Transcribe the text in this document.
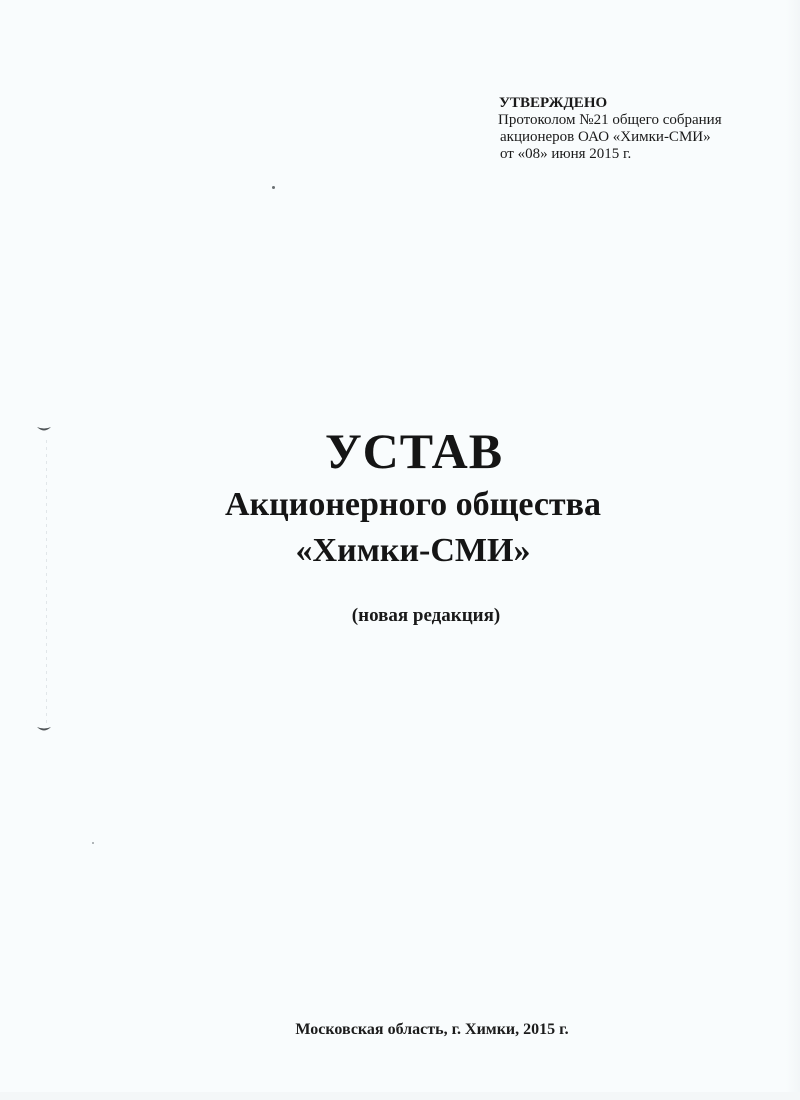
УТВЕРЖДЕНО
Протоколом №21 общего собрания
акционеров ОАО «Химки-СМИ»
от «08» июня 2015 г.
УСТАВ
Акционерного общества
«Химки-СМИ»
(новая редакция)
Московская область, г. Химки, 2015 г.
